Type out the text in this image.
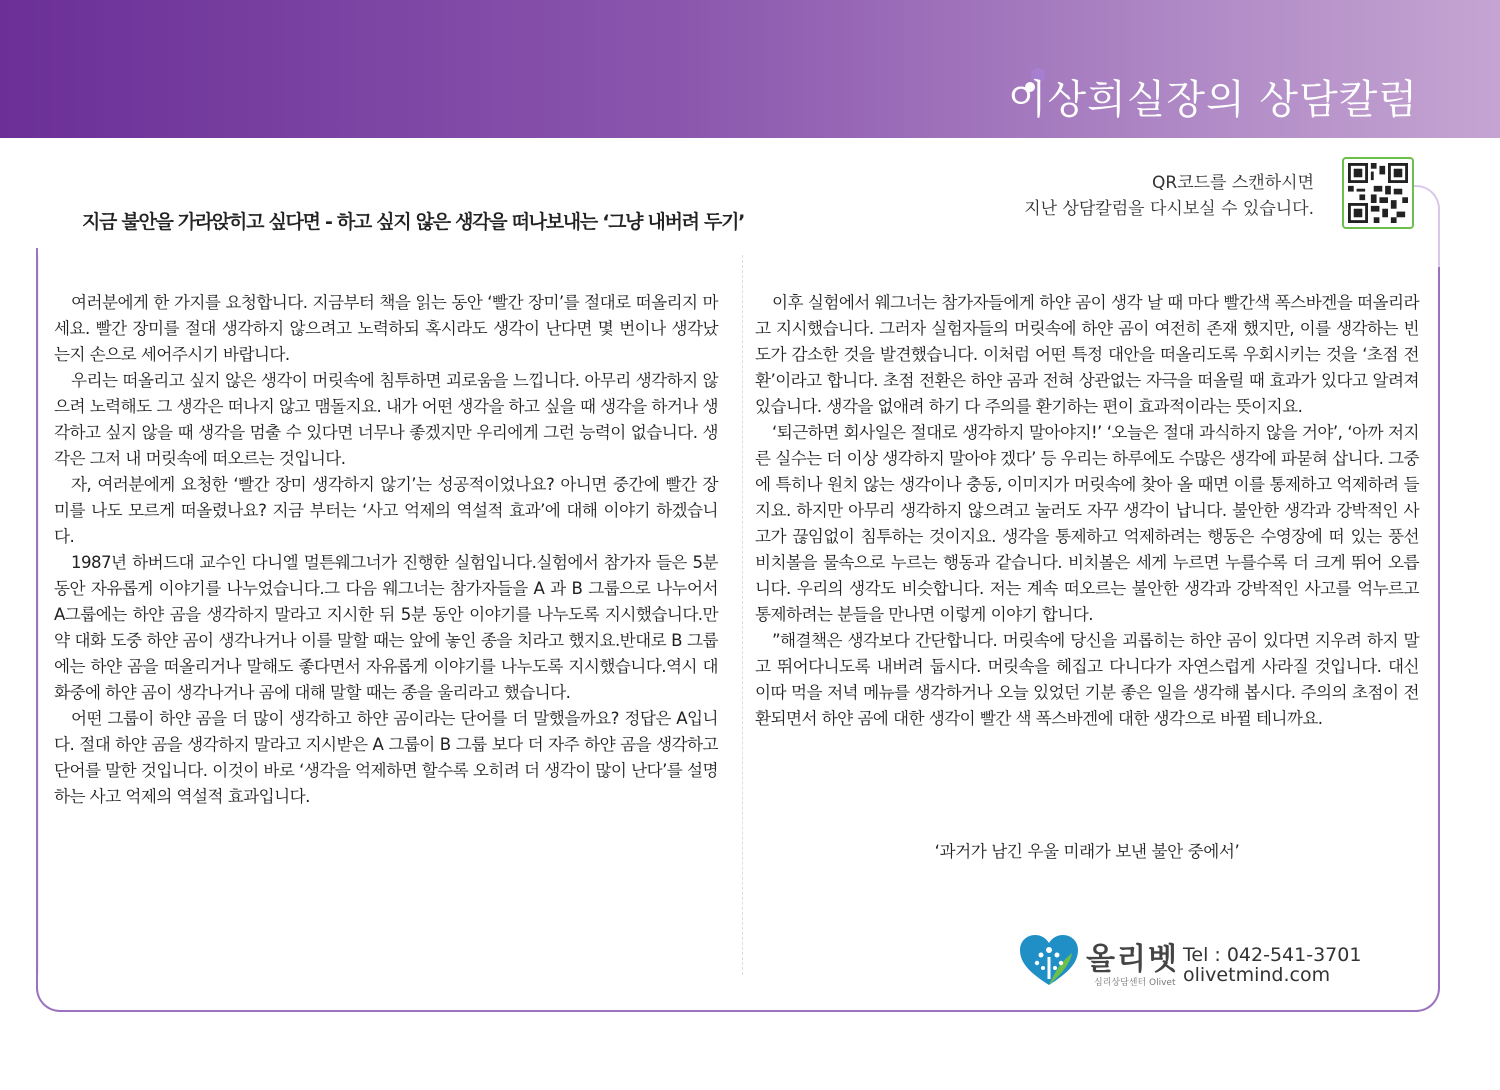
이상희실장의 상담칼럼
지금 불안을 가라앉히고 싶다면 - 하고 싶지 않은 생각을 떠나보내는 ‘그냥 내버려 두기’
QR코드를 스캔하시면
지난 상담칼럼을 다시보실 수 있습니다.

여러분에게 한 가지를 요청합니다. 지금부터 책을 읽는 동안 ‘빨간 장미’를 절대로 떠올리지 마세요. 빨간 장미를 절대 생각하지 않으려고 노력하되 혹시라도 생각이 난다면 몇 번이나 생각났는지 손으로 세어주시기 바랍니다.

우리는 떠올리고 싶지 않은 생각이 머릿속에 침투하면 괴로움을 느낍니다. 아무리 생각하지 않으려 노력해도 그 생각은 떠나지 않고 맴돌지요. 내가 어떤 생각을 하고 싶을 때 생각을 하거나 생각하고 싶지 않을 때 생각을 멈출 수 있다면 너무나 좋겠지만 우리에게 그런 능력이 없습니다. 생각은 그저 내 머릿속에 떠오르는 것입니다.

자, 여러분에게 요청한 ‘빨간 장미 생각하지 않기’는 성공적이었나요? 아니면 중간에 빨간 장미를 나도 모르게 떠올렸나요? 지금 부터는 ‘사고 억제의 역설적 효과’에 대해 이야기 하겠습니다.

1987년 하버드대 교수인 다니엘 멀튼웨그너가 진행한 실험입니다.실험에서 참가자 들은 5분 동안 자유롭게 이야기를 나누었습니다.그 다음 웨그너는 참가자들을 A 과 B 그룹으로 나누어서 A그룹에는 하얀 곰을 생각하지 말라고 지시한 뒤 5분 동안 이야기를 나누도록 지시했습니다.만약 대화 도중 하얀 곰이 생각나거나 이를 말할 때는 앞에 놓인 종을 치라고 했지요.반대로 B 그룹에는 하얀 곰을 떠올리거나 말해도 좋다면서 자유롭게 이야기를 나누도록 지시했습니다.역시 대화중에 하얀 곰이 생각나거나 곰에 대해 말할 때는 종을 울리라고 했습니다.

어떤 그룹이 하얀 곰을 더 많이 생각하고 하얀 곰이라는 단어를 더 말했을까요? 정답은 A입니다. 절대 하얀 곰을 생각하지 말라고 지시받은 A 그룹이 B 그룹 보다 더 자주 하얀 곰을 생각하고 단어를 말한 것입니다. 이것이 바로 ‘생각을 억제하면 할수록 오히려 더 생각이 많이 난다’를 설명하는 사고 억제의 역설적 효과입니다.

이후 실험에서 웨그너는 참가자들에게 하얀 곰이 생각 날 때 마다 빨간색 폭스바겐을 떠올리라고 지시했습니다. 그러자 실험자들의 머릿속에 하얀 곰이 여전히 존재 했지만, 이를 생각하는 빈도가 감소한 것을 발견했습니다. 이처럼 어떤 특정 대안을 떠올리도록 우회시키는 것을 ‘초점 전환’이라고 합니다. 초점 전환은 하얀 곰과 전혀 상관없는 자극을 떠올릴 때 효과가 있다고 알려져 있습니다. 생각을 없애려 하기 다 주의를 환기하는 편이 효과적이라는 뜻이지요.

‘퇴근하면 회사일은 절대로 생각하지 말아야지!’ ‘오늘은 절대 과식하지 않을 거야’, ‘아까 저지른 실수는 더 이상 생각하지 말아야 겠다’ 등 우리는 하루에도 수많은 생각에 파묻혀 삽니다. 그중에 특히나 원치 않는 생각이나 충동, 이미지가 머릿속에 찾아 올 때면 이를 통제하고 억제하려 들지요. 하지만 아무리 생각하지 않으려고 눌러도 자꾸 생각이 납니다. 불안한 생각과 강박적인 사고가 끊임없이 침투하는 것이지요. 생각을 통제하고 억제하려는 행동은 수영장에 떠 있는 풍선 비치볼을 물속으로 누르는 행동과 같습니다. 비치볼은 세게 누르면 누를수록 더 크게 뛰어 오릅니다. 우리의 생각도 비슷합니다. 저는 계속 떠오르는 불안한 생각과 강박적인 사고를 억누르고 통제하려는 분들을 만나면 이렇게 이야기 합니다.

”해결책은 생각보다 간단합니다. 머릿속에 당신을 괴롭히는 하얀 곰이 있다면 지우려 하지 말고 뛰어다니도록 내버려 둡시다. 머릿속을 헤집고 다니다가 자연스럽게 사라질 것입니다. 대신 이따 먹을 저녁 메뉴를 생각하거나 오늘 있었던 기분 좋은 일을 생각해 봅시다. 주의의 초점이 전환되면서 하얀 곰에 대한 생각이 빨간 색 폭스바겐에 대한 생각으로 바뀔 테니까요.

‘과거가 남긴 우울 미래가 보낸 불안 중에서’
올리벳
심리상담센터 Olivet
Tel : 042-541-3701
olivetmind.com
